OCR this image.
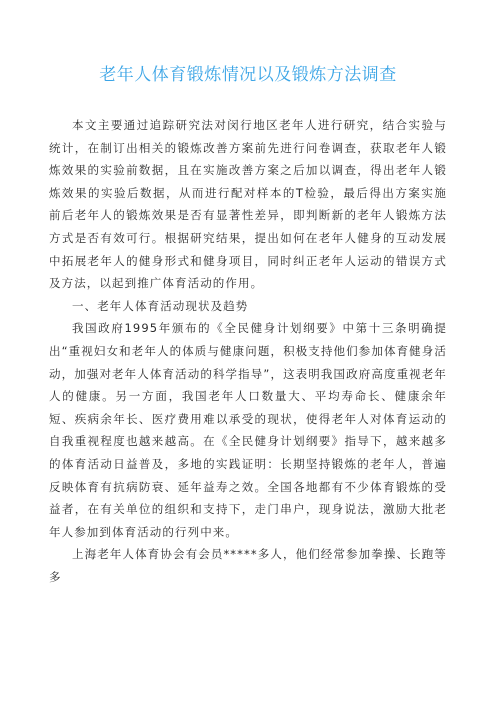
老年人体育锻炼情况以及锻炼方法调查

本文主要通过追踪研究法对闵行地区老年人进行研究，结合实验与统计，在制订出相关的锻炼改善方案前先进行问卷调查，获取老年人锻炼效果的实验前数据，且在实施改善方案之后加以调查，得出老年人锻炼效果的实验后数据，从而进行配对样本的T检验，最后得出方案实施前后老年人的锻炼效果是否有显著性差异，即判断新的老年人锻炼方法方式是否有效可行。根据研究结果，提出如何在老年人健身的互动发展中拓展老年人的健身形式和健身项目，同时纠正老年人运动的错误方式及方法，以起到推广体育活动的作用。

一、老年人体育活动现状及趋势

我国政府1995年颁布的《全民健身计划纲要》中第十三条明确提出“重视妇女和老年人的体质与健康问题，积极支持他们参加体育健身活动，加强对老年人体育活动的科学指导”，这表明我国政府高度重视老年人的健康。另一方面，我国老年人口数量大、平均寿命长、健康余年短、疾病余年长、医疗费用难以承受的现状，使得老年人对体育运动的自我重视程度也越来越高。在《全民健身计划纲要》指导下，越来越多的体育活动日益普及，多地的实践证明：长期坚持锻炼的老年人，普遍反映体育有抗病防衰、延年益寿之效。全国各地都有不少体育锻炼的受益者，在有关单位的组织和支持下，走门串户，现身说法，激励大批老年人参加到体育活动的行列中来。

上海老年人体育协会有会员*****多人，他们经常参加拳操、长跑等多
